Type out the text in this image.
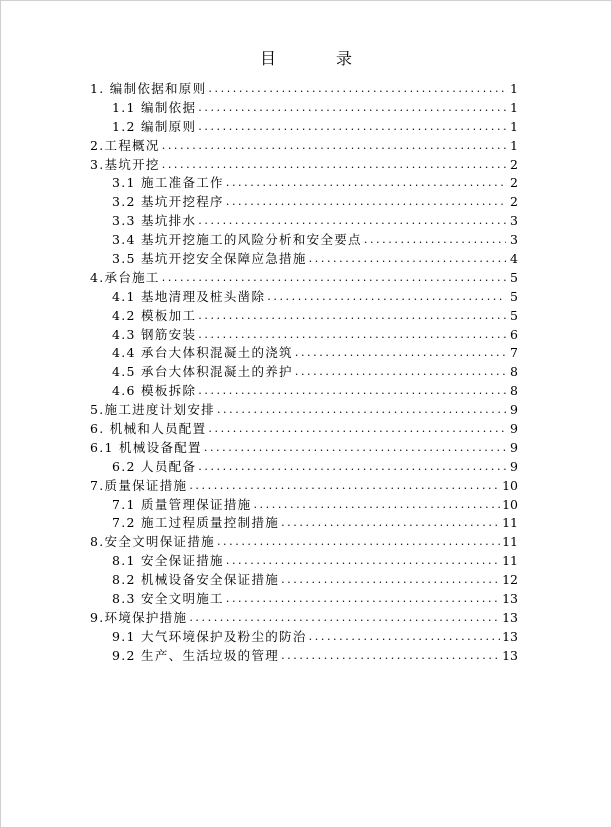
目　录
1. 编制依据和原则 .....	1
1.1 编制依据 .....	1
1.2 编制原则 .....	1
2.工程概况 .....	1
3.基坑开挖 .....	2
3.1 施工准备工作 .....	2
3.2 基坑开挖程序 .....	2
3.3 基坑排水 .....	3
3.4 基坑开挖施工的风险分析和安全要点 .....	3
3.5 基坑开挖安全保障应急措施 .....	4
4.承台施工 .....	5
4.1 基地清理及桩头凿除 .....	5
4.2 模板加工 .....	5
4.3 钢筋安装 .....	6
4.4 承台大体积混凝土的浇筑 .....	7
4.5 承台大体积混凝土的养护 .....	8
4.6 模板拆除 .....	8
5.施工进度计划安排 .....	9
6. 机械和人员配置 .....	9
6.1 机械设备配置 .....	9
6.2 人员配备 .....	9
7.质量保证措施 .....	10
7.1 质量管理保证措施 .....	10
7.2 施工过程质量控制措施 .....	11
8.安全文明保证措施 .....	11
8.1 安全保证措施 .....	11
8.2 机械设备安全保证措施 .....	12
8.3 安全文明施工 .....	13
9.环境保护措施 .....	13
9.1 大气环境保护及粉尘的防治 .....	13
9.2 生产、生活垃圾的管理 .....	13
